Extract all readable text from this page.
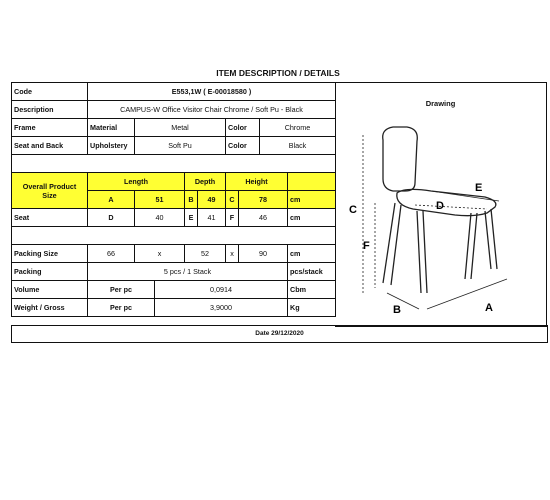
ITEM DESCRIPTION / DETAILS
Code	E553,1W ( E-00018580 )								
Description	CAMPUS-W Office Visitor Chair Chrome / Soft Pu - Black								
Frame	Material	Metal				Color		Chrome	
Seat and Back	Upholstery	Soft Pu				Color		Black	

Overall Product
Size	Length			Depth		Height			
	A	51		B	49	C	78		cm
Seat	D	40		E	41	F	46		cm

Packing Size	66	x		52		x	90		cm
Packing	5 pcs / 1 Stack								pcs/stack
Volume	Per pc		0,0914						Cbm
Weight / Gross	Per pc		3,9000						Kg
Drawing
C
F
E
D
B	A
Date 29/12/2020
